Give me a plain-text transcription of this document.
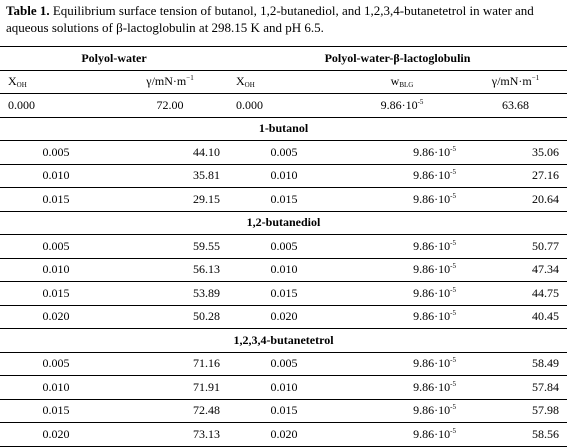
Table 1. Equilibrium surface tension of butanol, 1,2-butanediol, and 1,2,3,4-butanetetrol in water and aqueous solutions of β-lactoglobulin at 298.15 K and pH 6.5.
Polyol-water		Polyol-water-β-lactoglobulin		
$X_{OH}$	$\gamma/mN\cdot m^{-1}$	$X_{OH}$	$w_{BLG}$	$\gamma/mN\cdot m^{-1}$
0.000	72.00	0.000	$9.86\cdot 10^{-5}$	63.68
1-butanol				
0.005	44.10	0.005	$9.86\cdot 10^{-5}$	35.06
0.010	35.81	0.010	$9.86\cdot 10^{-5}$	27.16
0.015	29.15	0.015	$9.86\cdot 10^{-5}$	20.64
1,2-butanediol				
0.005	59.55	0.005	$9.86\cdot 10^{-5}$	50.77
0.010	56.13	0.010	$9.86\cdot 10^{-5}$	47.34
0.015	53.89	0.015	$9.86\cdot 10^{-5}$	44.75
0.020	50.28	0.020	$9.86\cdot 10^{-5}$	40.45
1,2,3,4-butanetetrol				
0.005	71.16	0.005	$9.86\cdot 10^{-5}$	58.49
0.010	71.91	0.010	$9.86\cdot 10^{-5}$	57.84
0.015	72.48	0.015	$9.86\cdot 10^{-5}$	57.98
0.020	73.13	0.020	$9.86\cdot 10^{-5}$	58.56
